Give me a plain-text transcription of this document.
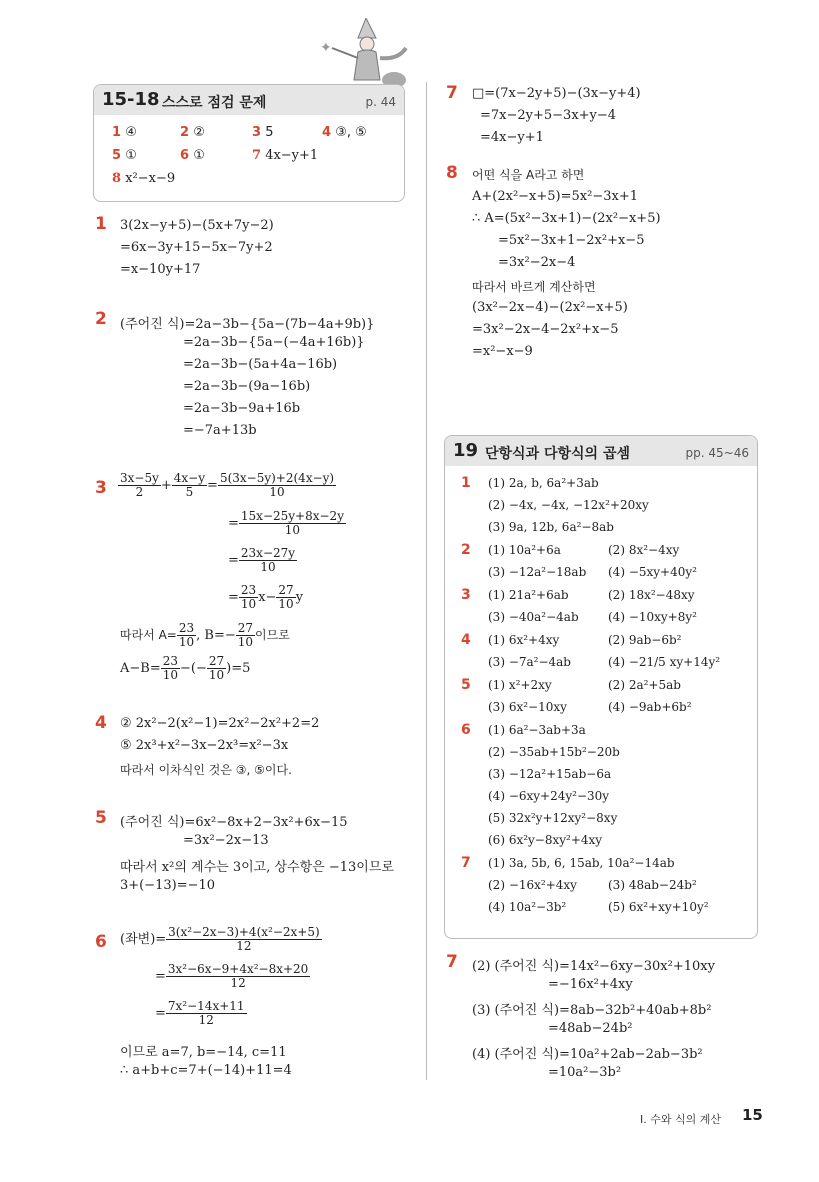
✦
15-18 스스로 점검 문제	p. 44
1 ④	2 ②	3 5	4 ③, ⑤
5 ①	6 ①	7 4x−y+1
8 x²−x−9
1 3(2x−y+5)−(5x+7y−2)
=6x−3y+15−5x−7y+2
=x−10y+17
2 (주어진 식)=2a−3b−{5a−(7b−4a+9b)}
=2a−3b−{5a−(−4a+16b)}
=2a−3b−(5a+4a−16b)
=2a−3b−(9a−16b)
=2a−3b−9a+16b
=−7a+13b
$3 \frac{3x-5y}{2} + \frac{4x-y}{5} = \frac{5(3x-5y)+2(4x-y)}{10}$
= $\frac{15x-25y+8x-2y}{10}$
= $\frac{23x-27y}{10}$
= $\frac{23}{10} x- \frac{27}{10}$ y
따라서 $A= \frac{23}{10}$ , $B=- \frac{27}{10}$ 이므로
$A-B= \frac{23}{10}$ −(− $\frac{27}{10} )=5$
4 ② 2x²−2(x²−1)=2x²−2x²+2=2
⑤ 2x³+x²−3x−2x³=x²−3x
따라서 이차식인 것은 ③, ⑤이다.
5 (주어진 식)=6x²−8x+2−3x²+6x−15
=3x²−2x−13
따라서 x²의 계수는 3이고, 상수항은 −13이므로
3+(−13)=−10
6 (좌변)= $\frac{\text{3(x²−2x−3)+4(x²−2x+5)}}{12}$
= $\frac{\text{3x²−6x−9+4x²−8x+20}}{12}$
= $\frac{\text{7x²−14x+11}}{12}$
이므로 a=7, b=−14, c=11
∴ a+b+c=7+(−14)+11=4
7 □=(7x−2y+5)−(3x−y+4)
=7x−2y+5−3x+y−4
=4x−y+1
8 어떤 식을 A라고 하면
A+(2x²−x+5)=5x²−3x+1
∴ A=(5x²−3x+1)−(2x²−x+5)
=5x²−3x+1−2x²+x−5
=3x²−2x−4
따라서 바르게 계산하면
(3x²−2x−4)−(2x²−x+5)
=3x²−2x−4−2x²+x−5
=x²−x−9
19 단항식과 다항식의 곱셈	pp. 45~46
1 (1) 2a, b, 6a²+3ab
(2) −4x, −4x, −12x²+20xy
(3) 9a, 12b, 6a²−8ab
2 (1) 10a²+6a	(2) 8x²−4xy
(3) −12a²−18ab (4) −5xy+40y²
3 (1) 21a²+6ab	(2) 18x²−48xy
(3) −40a²−4ab (4) −10xy+8y²
4 (1) 6x²+4xy	(2) 9ab−6b²
(3) −7a²−4ab	(4) −21/5 xy+14y²
5 (1) x²+2xy	(2) 2a²+5ab
(3) 6x²−10xy	(4) −9ab+6b²
6 (1) 6a²−3ab+3a
(2) −35ab+15b²−20b
(3) −12a²+15ab−6a
(4) −6xy+24y²−30y
(5) 32x²y+12xy²−8xy
(6) 6x²y−8xy²+4xy
7 (1) 3a, 5b, 6, 15ab, 10a²−14ab
(2) −16x²+4xy	(3) 48ab−24b²
(4) 10a²−3b²	(5) 6x²+xy+10y²
7 (2) (주어진 식)=14x²−6xy−30x²+10xy
=−16x²+4xy
(3) (주어진 식)=8ab−32b²+40ab+8b²
=48ab−24b²
(4) (주어진 식)=10a²+2ab−2ab−3b²
=10a²−3b²
I. 수와 식의 계산 15
